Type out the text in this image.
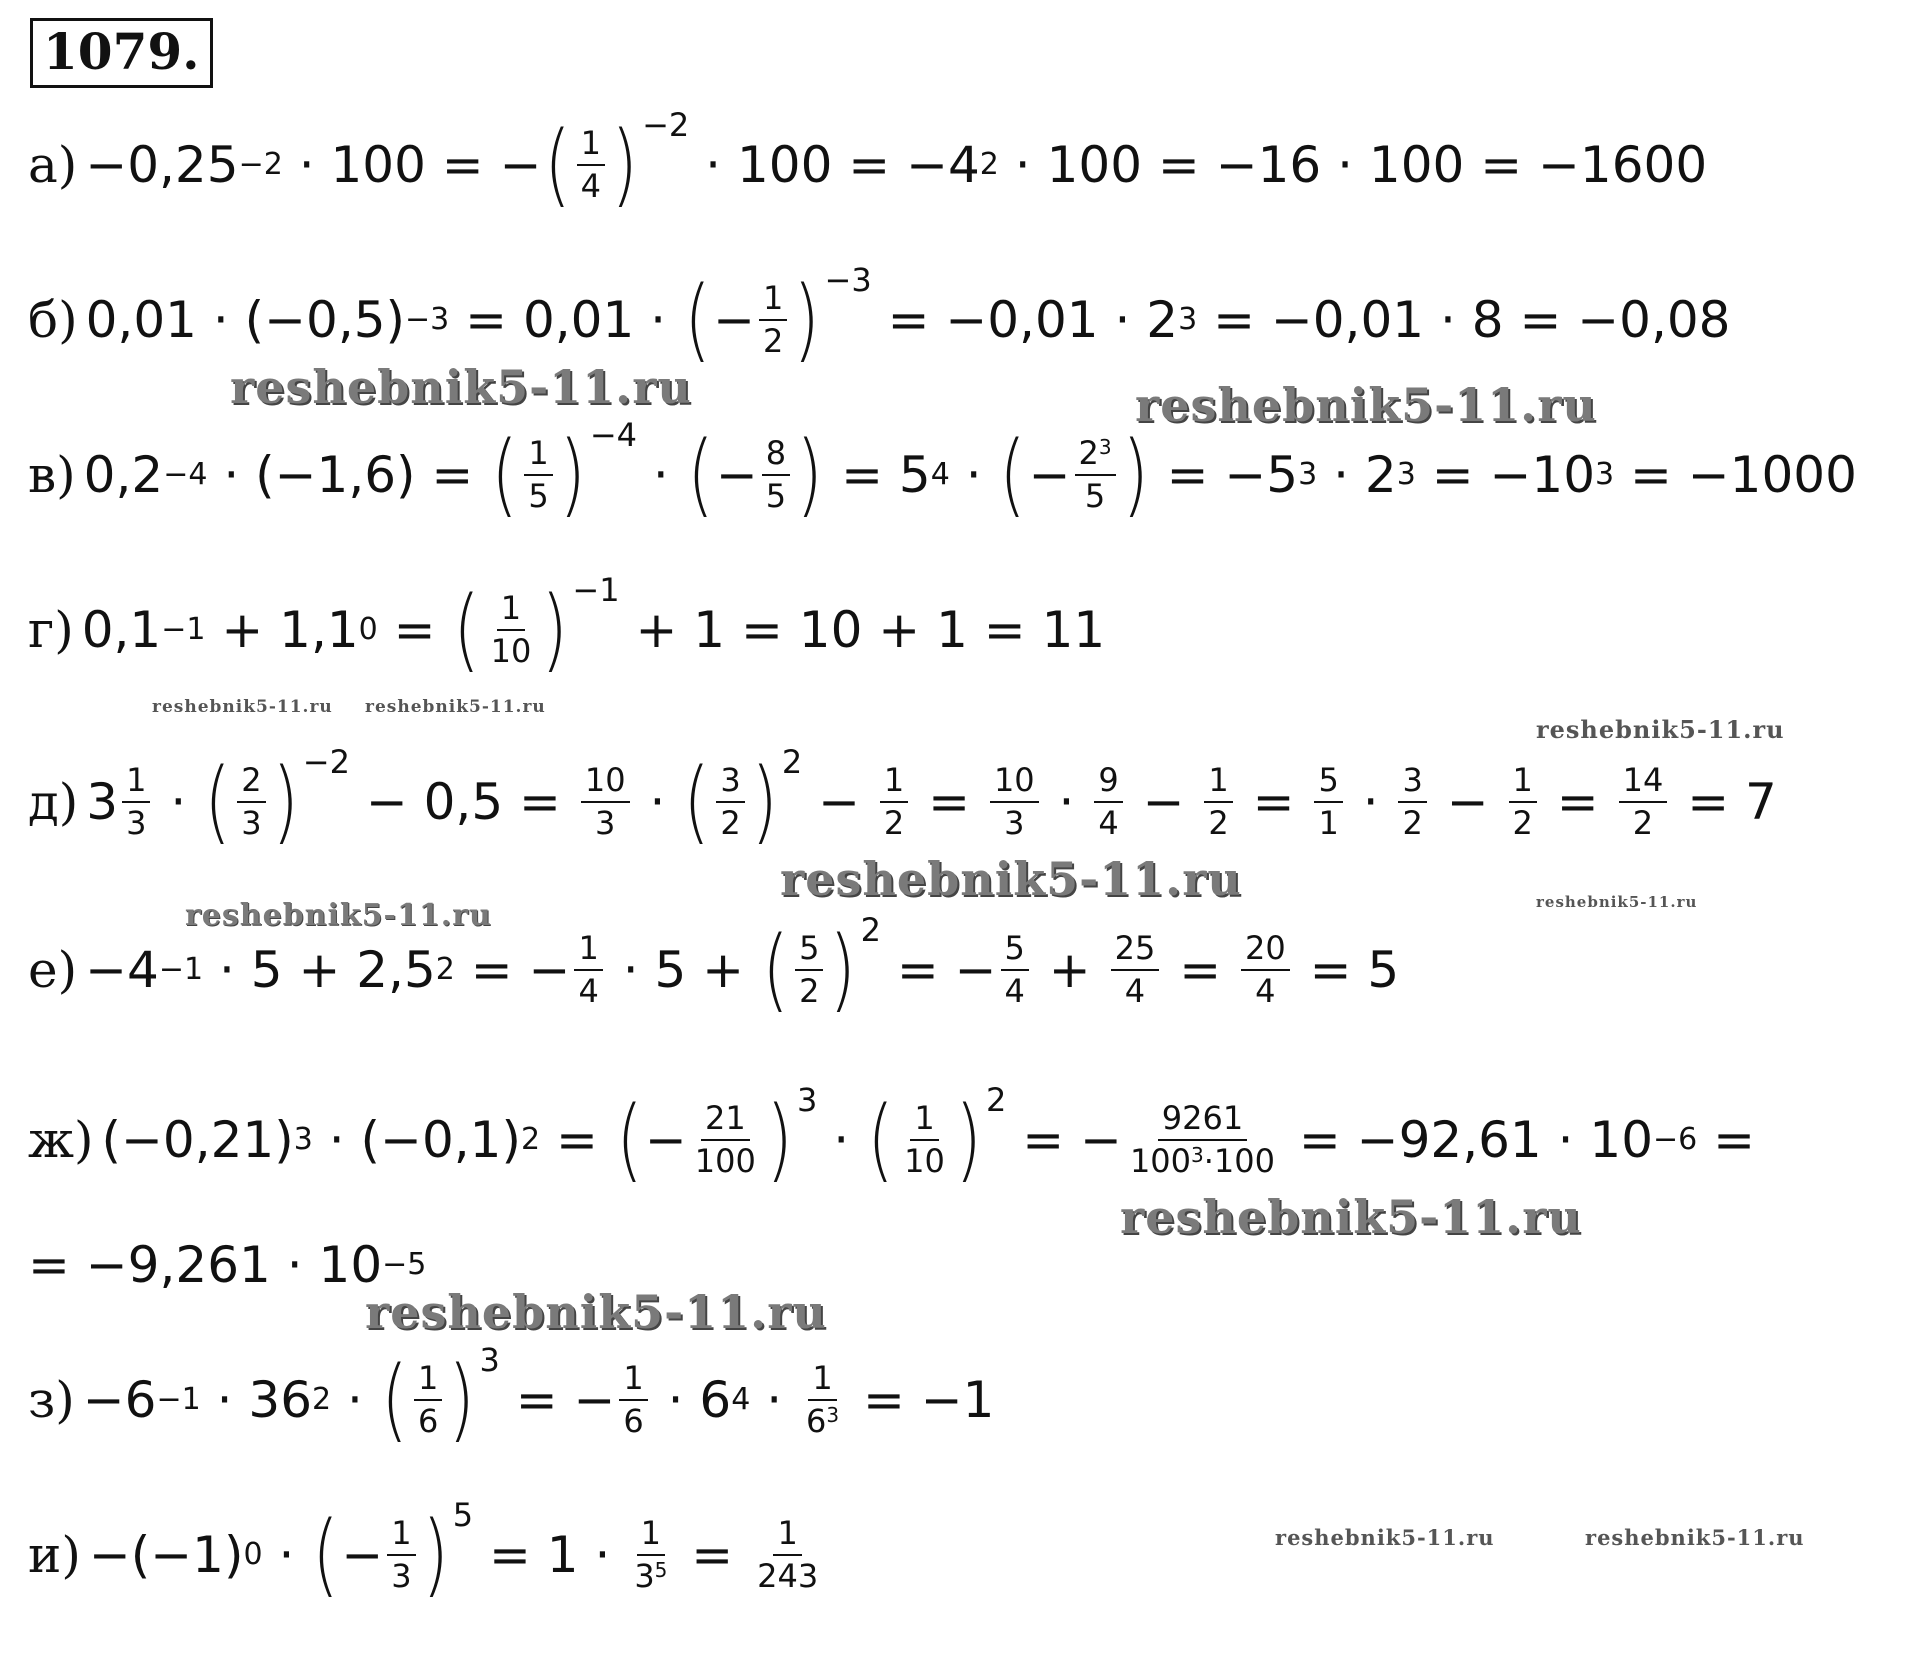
1079.
а) −0,25 −2 · 100 = − ( $\frac{1}{4}$ ) −2
· 100 = −4 2 · 100 = −16 · 100 = −1600
б) 0,01 · (−0,5) −3 = 0,01 · ( − $\frac{1}{2}$ ) −3
= −0,01 · 2 3 = −0,01 · 8 = −0,08
в) 0,2 −4 · (−1,6) = ( $\frac{1}{5}$ ) −4
· ( − $\frac{8}{5}$ ) = 5 4 · ( − $\frac{2^3}{5}$ ) = −5 3 · 2 3 = −10 3 = −1000
г) 0,1 −1 + 1,1 0 = ( $\frac{1}{10}$ ) −1
+ 1 = 10 + 1 = 11
д) $3 \frac{1}{3}$ · ( $\frac{2}{3}$ ) −2
− $0,5 = \frac{10}{3}$ · ( $\frac{3}{2}$ ) 2
− $\frac{1}{2} = \frac{10}{3} \cdot \frac{9}{4} - \frac{1}{2} = \frac{5}{1} \cdot \frac{3}{2} - \frac{1}{2} = \frac{14}{2} = 7$
е) −4 −1 · 5 + 2,5 2 = − $\frac{1}{4} \cdot 5$ + ( $\frac{5}{2}$ ) 2
= − $\frac{5}{4} + \frac{25}{4} = \frac{20}{4} = 5$
ж) (−0,21) 3 · (−0,1) 2 = ( − $\frac{21}{100}$ ) 3
· ( $\frac{1}{10}$ ) 2
= − $\frac{9261}{100^3\cdot 100} = -92,61 \cdot 10 -6$ =
= −9,261 · 10 −5
з) −6 −1 · 36 2 · ( $\frac{1}{6}$ ) 3
= − $\frac{1}{6} \cdot 6$ $4 \cdot \frac{1}{6^3} = -1$
и) −(−1) 0 · ( − $\frac{1}{3}$ ) 5
= $1 \cdot \frac{1}{3^5} = \frac{1}{243}$
reshebnik5-11.ru	reshebnik5-11.ru
reshebnik5-11.ru reshebnik5-11.ru
reshebnik5-11.ru
reshebnik5-11.ru	reshebnik5-11.ru
reshebnik5-11.ru
reshebnik5-11.ru
reshebnik5-11.ru
reshebnik5-11.ru	reshebnik5-11.ru
